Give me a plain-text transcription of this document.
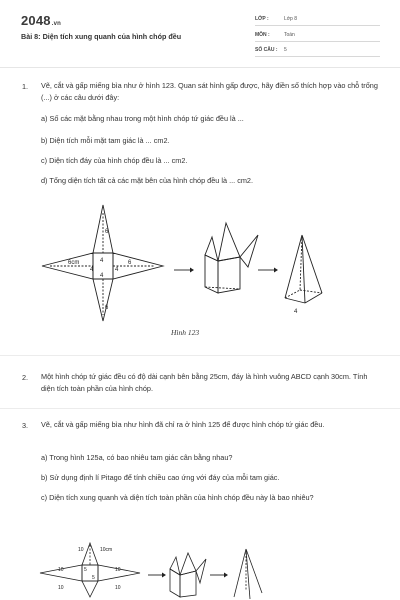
2048.vn
Bài 8: Diện tích xung quanh của hình chóp đều
LỚP :	Lớp 8
MÔN :	Toán
SỐ CÂU : 5
1. Vẽ, cắt và gấp miếng bìa như ở hình 123. Quan sát hình gấp được, hãy điền số thích hợp vào chỗ trống (...) ở các câu dưới đây:
a) Số các mặt bằng nhau trong một hình chóp tứ giác đều là ...
b) Diện tích mỗi mặt tam giác là ... cm2.
c) Diện tích đáy của hình chóp đều là ... cm2.
d) Tổng diện tích tất cả các mặt bên của hình chóp đều là ... cm2.
6
4
4
4	4
6cm	6
6
4
Hình 123
2. Một hình chóp tứ giác đều có độ dài cạnh bên bằng 25cm, đáy là hình vuông ABCD cạnh 30cm. Tính diện tích toàn phần của hình chóp.
3. Vẽ, cắt và gấp miếng bìa như hình đã chỉ ra ở hình 125 để được hình chóp tứ giác đều.
a) Trong hình 125a, có bao nhiêu tam giác cân bằng nhau?
b) Sử dụng định lí Pitago để tính chiều cao ứng với đáy của mỗi tam giác.
c) Diện tích xung quanh và diện tích toàn phần của hình chóp đều này là bao nhiêu?
10	10cm
10	10
5
5
10	10
